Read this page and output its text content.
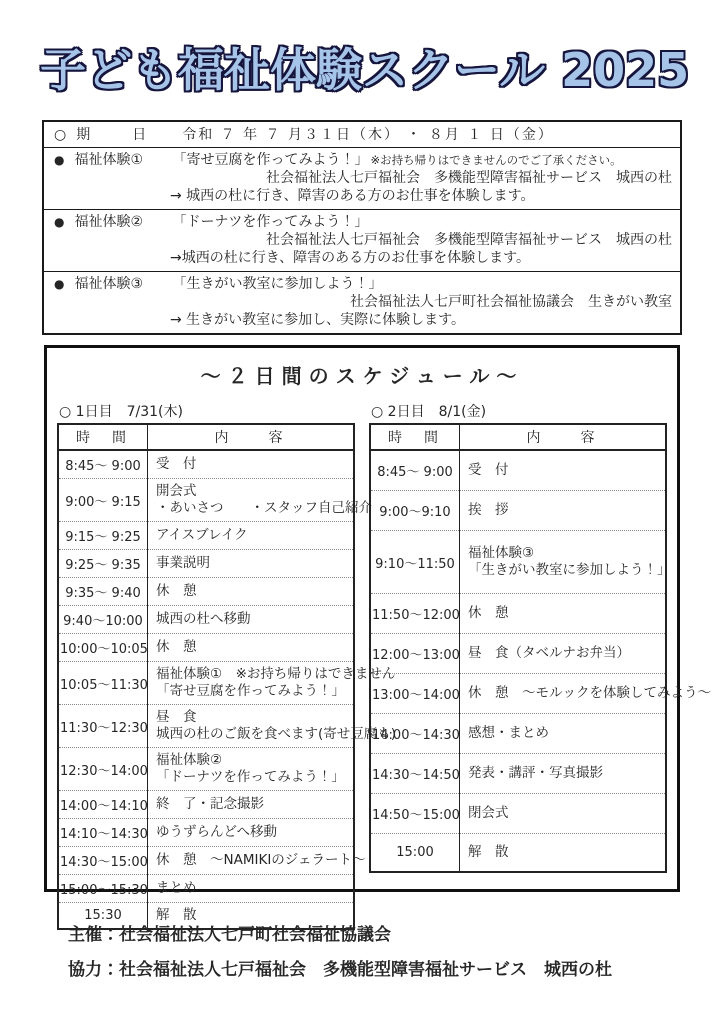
子ども福祉体験スクール 2025
○ 期　日 令和 ７ 年 ７ 月３１日（木） ・ ８月 １ 日（金）
● 福祉体験①	「寄せ豆腐を作ってみよう！」 ※お持ち帰りはできませんのでご了承ください。
社会福祉法人七戸福祉会　多機能型障害福祉サービス　城西の杜
→ 城西の杜に行き、障害のある方のお仕事を体験します。
● 福祉体験②	「ドーナツを作ってみよう！」
社会福祉法人七戸福祉会　多機能型障害福祉サービス　城西の杜
→城西の杜に行き、障害のある方のお仕事を体験します。
● 福祉体験③	「生きがい教室に参加しよう！」
社会福祉法人七戸町社会福祉協議会　生きがい教室
→ 生きがい教室に参加し、実際に体験します。
～２日間のスケジュール～
○ 1日目　7/31(木)
時　間	内　　容
8:45～ 9:00	受　付

9:00～ 9:15	開会式
・あいさつ　　・スタッフ自己紹介

9:15～ 9:25	アイスブレイク

9:25～ 9:35	事業説明

9:35～ 9:40	休　憩

9:40～10:00	城西の杜へ移動

10:00～10:05	休　憩

10:05～11:30	福祉体験①　※お持ち帰りはできません
「寄せ豆腐を作ってみよう！」

11:30～12:30	昼　食
城西の杜のご飯を食べます(寄せ豆腐も)

12:30～14:00	福祉体験②
「ドーナツを作ってみよう！」

14:00～14:10	終　了・記念撮影

14:10～14:30	ゆうずらんどへ移動

14:30～15:00	休　憩　～NAMIKIのジェラート～

15:00～15:30	まとめ

15:30	解　散
○ 2日目　8/1(金)
時　間	内　　容
8:45～ 9:00	受　付

9:00～9:10	挨　拶

9:10～11:50	福祉体験③
「生きがい教室に参加しよう！」

11:50～12:00	休　憩

12:00～13:00	昼　食（タベルナお弁当）

13:00～14:00	休　憩　～モルックを体験してみよう～

14:00～14:30	感想・まとめ

14:30～14:50	発表・講評・写真撮影

14:50～15:00	閉会式

15:00	解　散
主催：社会福祉法人七戸町社会福祉協議会
協力：社会福祉法人七戸福祉会　多機能型障害福祉サービス　城西の杜
